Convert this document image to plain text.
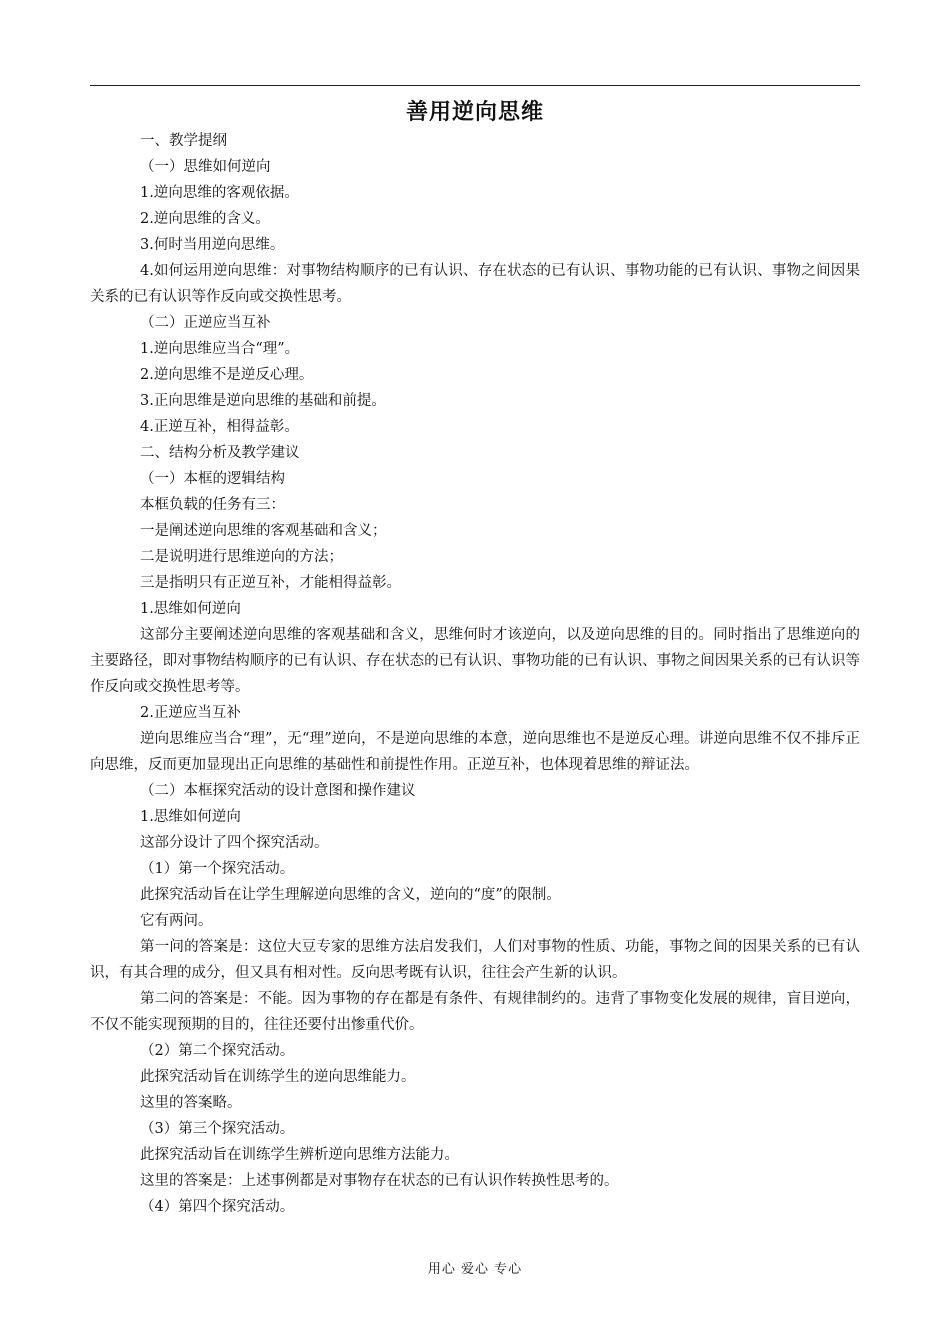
善用逆向思维

一、教学提纲

（一）思维如何逆向

1.逆向思维的客观依据。

2.逆向思维的含义。

3.何时当用逆向思维。

4.如何运用逆向思维：对事物结构顺序的已有认识、存在状态的已有认识、事物功能的已有认识、事物之间因果关系的已有认识等作反向或交换性思考。

（二）正逆应当互补

1.逆向思维应当合“理”。

2.逆向思维不是逆反心理。

3.正向思维是逆向思维的基础和前提。

4.正逆互补，相得益彰。

二、结构分析及教学建议

（一）本框的逻辑结构

本框负载的任务有三：

一是阐述逆向思维的客观基础和含义；

二是说明进行思维逆向的方法；

三是指明只有正逆互补，才能相得益彰。

1.思维如何逆向

这部分主要阐述逆向思维的客观基础和含义，思维何时才该逆向，以及逆向思维的目的。同时指出了思维逆向的主要路径，即对事物结构顺序的已有认识、存在状态的已有认识、事物功能的已有认识、事物之间因果关系的已有认识等作反向或交换性思考等。

2.正逆应当互补

逆向思维应当合“理”，无“理”逆向，不是逆向思维的本意，逆向思维也不是逆反心理。讲逆向思维不仅不排斥正向思维，反而更加显现出正向思维的基础性和前提性作用。正逆互补，也体现着思维的辩证法。

（二）本框探究活动的设计意图和操作建议

1.思维如何逆向

这部分设计了四个探究活动。

（1）第一个探究活动。

此探究活动旨在让学生理解逆向思维的含义，逆向的“度”的限制。

它有两问。

第一问的答案是：这位大豆专家的思维方法启发我们，人们对事物的性质、功能，事物之间的因果关系的已有认识，有其合理的成分，但又具有相对性。反向思考既有认识，往往会产生新的认识。

第二问的答案是：不能。因为事物的存在都是有条件、有规律制约的。违背了事物变化发展的规律，盲目逆向，不仅不能实现预期的目的，往往还要付出惨重代价。

（2）第二个探究活动。

此探究活动旨在训练学生的逆向思维能力。

这里的答案略。

（3）第三个探究活动。

此探究活动旨在训练学生辨析逆向思维方法能力。

这里的答案是：上述事例都是对事物存在状态的已有认识作转换性思考的。

（4）第四个探究活动。

用心 爱心 专心
